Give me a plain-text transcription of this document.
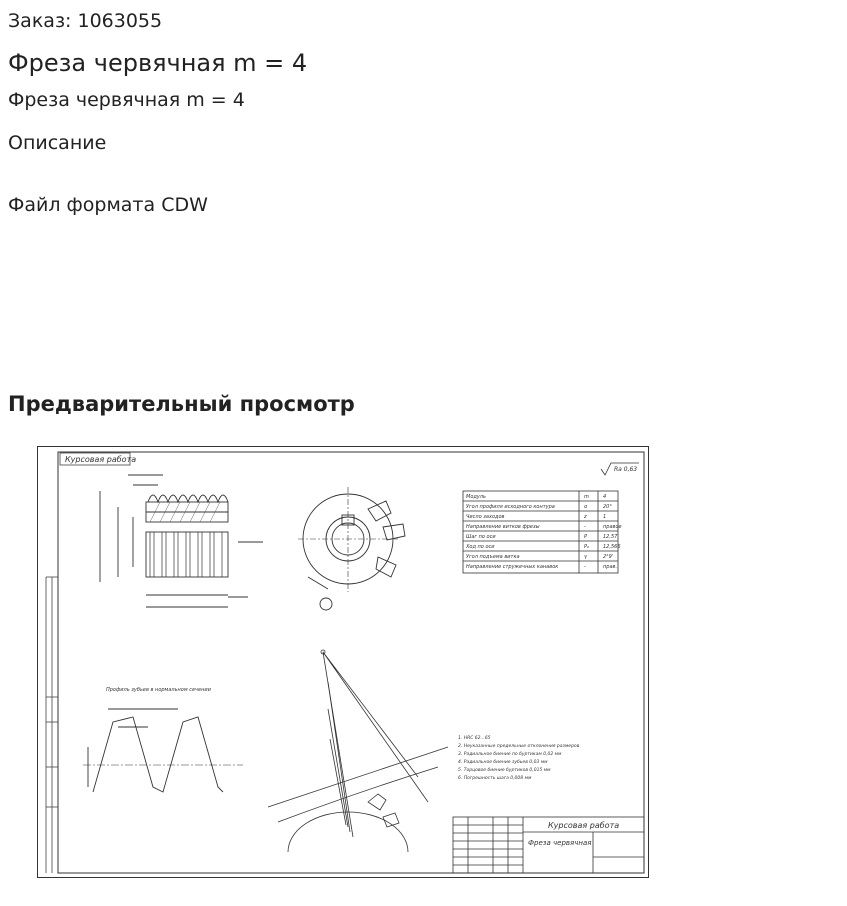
Заказ: 1063055
Фреза червячная m = 4
Фреза червячная m = 4
Описание
Файл формата CDW
Предварительный просмотр
Курсовая работа
Модуль	m	4
Угол профиля исходного контура	α	20°
Число заходов	z	1
Направление витков фрезы	-	правое
Шаг по оси	P	12,57
Ход по оси	P₀	12,566
Угол подъема витка	γ	2°9'
Направление стружечных канавок	-	прав.
Ra 0,63
Профиль зубьев в нормальном сечении
1. HRC 62...65
2. Неуказанные предельные отклонения размеров
3. Радиальное биение по буртикам 0,02 мм
4. Радиальное биение зубьев 0,03 мм
5. Торцовое биение буртиков 0,015 мм
6. Погрешность шага 0,008 мм
Курсовая работа
Фреза червячная
